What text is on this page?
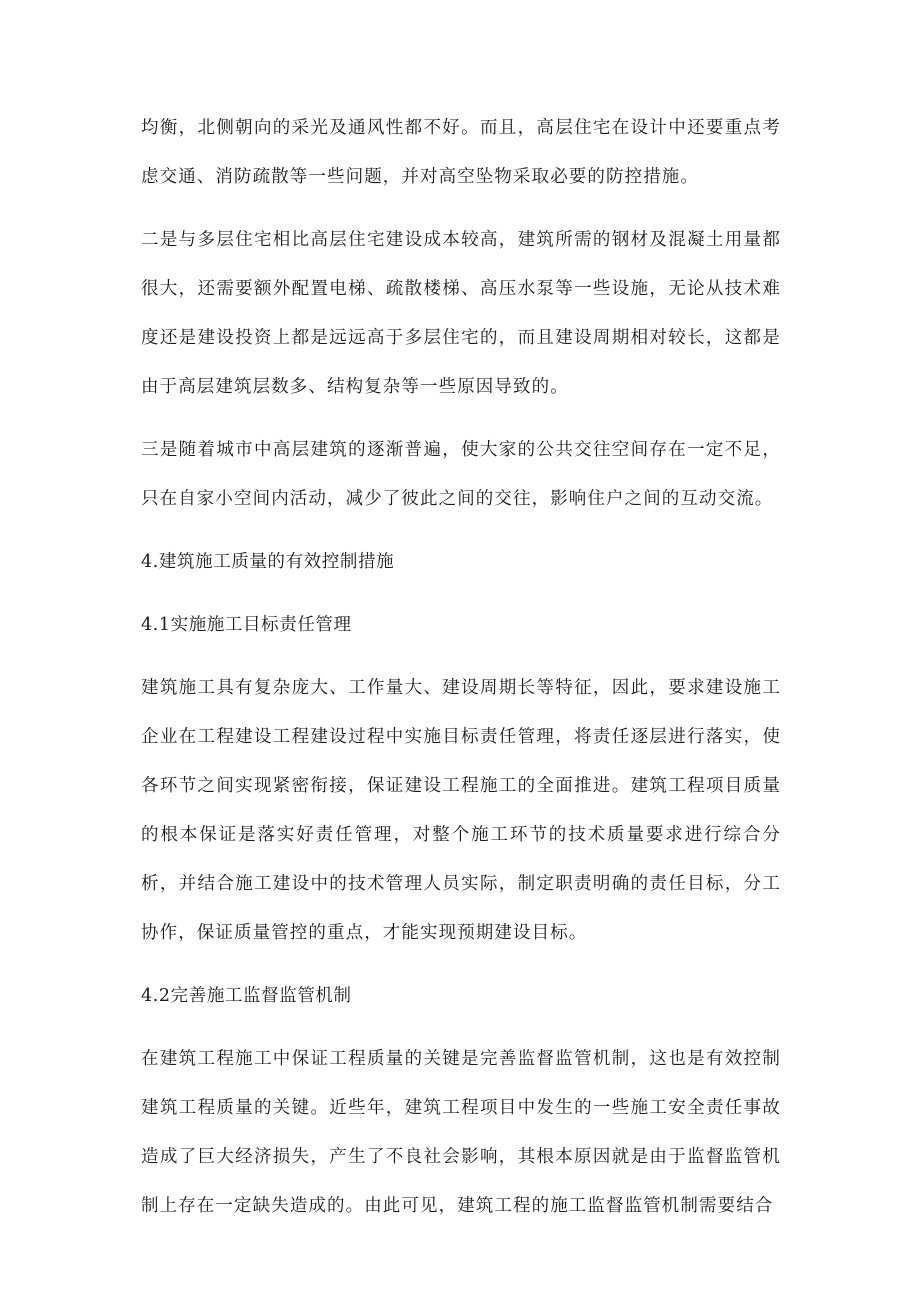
均衡，北侧朝向的采光及通风性都不好。而且，高层住宅在设计中还要重点考虑交通、消防疏散等一些问题，并对高空坠物采取必要的防控措施。

二是与多层住宅相比高层住宅建设成本较高，建筑所需的钢材及混凝土用量都很大，还需要额外配置电梯、疏散楼梯、高压水泵等一些设施，无论从技术难度还是建设投资上都是远远高于多层住宅的，而且建设周期相对较长，这都是由于高层建筑层数多、结构复杂等一些原因导致的。

三是随着城市中高层建筑的逐渐普遍，使大家的公共交往空间存在一定不足，只在自家小空间内活动，减少了彼此之间的交往，影响住户之间的互动交流。

4.建筑施工质量的有效控制措施

4.1实施施工目标责任管理

建筑施工具有复杂庞大、工作量大、建设周期长等特征，因此，要求建设施工企业在工程建设工程建设过程中实施目标责任管理，将责任逐层进行落实，使各环节之间实现紧密衔接，保证建设工程施工的全面推进。建筑工程项目质量的根本保证是落实好责任管理，对整个施工环节的技术质量要求进行综合分析，并结合施工建设中的技术管理人员实际，制定职责明确的责任目标，分工协作，保证质量管控的重点，才能实现预期建设目标。

4.2完善施工监督监管机制

在建筑工程施工中保证工程质量的关键是完善监督监管机制，这也是有效控制建筑工程质量的关键。近些年，建筑工程项目中发生的一些施工安全责任事故造成了巨大经济损失，产生了不良社会影响，其根本原因就是由于监督监管机制上存在一定缺失造成的。由此可见，建筑工程的施工监督监管机制需要结合
